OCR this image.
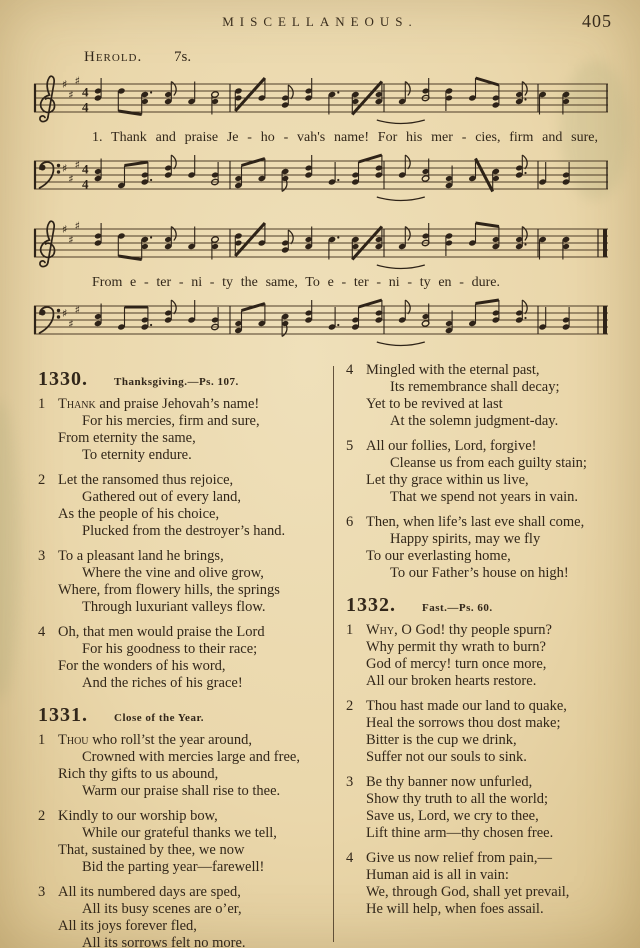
MISCELLANEOUS.	405
Herold. 7s.
♯
♯
♯
4
4
1. Thank and praise Je - ho - vah's name! For his mer - cies, firm and sure,
♯
♯
♯ 4
4
♯
♯
♯
From e - ter - ni - ty the same, To e - ter - ni - ty en - dure.
♯
♯
♯
1330. Thanksgiving.—Ps. 107.
1 Thank and praise Jehovah’s name!
For his mercies, firm and sure,
From eternity the same,
To eternity endure.
2 Let the ransomed thus rejoice,
Gathered out of every land,
As the people of his choice,
Plucked from the destroyer’s hand.
3 To a pleasant land he brings,
Where the vine and olive grow,
Where, from flowery hills, the springs
Through luxuriant valleys flow.
4 Oh, that men would praise the Lord
For his goodness to their race;
For the wonders of his word,
And the riches of his grace!
1331. Close of the Year.
1 Thou who roll’st the year around,
Crowned with mercies large and free,
Rich thy gifts to us abound,
Warm our praise shall rise to thee.
2 Kindly to our worship bow,
While our grateful thanks we tell,
That, sustained by thee, we now
Bid the parting year—farewell!
3 All its numbered days are sped,
All its busy scenes are o’er,
All its joys forever fled,
All its sorrows felt no more.
4 Mingled with the eternal past,
Its remembrance shall decay;
Yet to be revived at last
At the solemn judgment-day.
5 All our follies, Lord, forgive!
Cleanse us from each guilty stain;
Let thy grace within us live,
That we spend not years in vain.
6 Then, when life’s last eve shall come,
Happy spirits, may we fly
To our everlasting home,
To our Father’s house on high!
1332. Fast.—Ps. 60.
1 Why, O God! thy people spurn?
Why permit thy wrath to burn?
God of mercy! turn once more,
All our broken hearts restore.
2 Thou hast made our land to quake,
Heal the sorrows thou dost make;
Bitter is the cup we drink,
Suffer not our souls to sink.
3 Be thy banner now unfurled,
Show thy truth to all the world;
Save us, Lord, we cry to thee,
Lift thine arm—thy chosen free.
4 Give us now relief from pain,—
Human aid is all in vain:
We, through God, shall yet prevail,
He will help, when foes assail.
